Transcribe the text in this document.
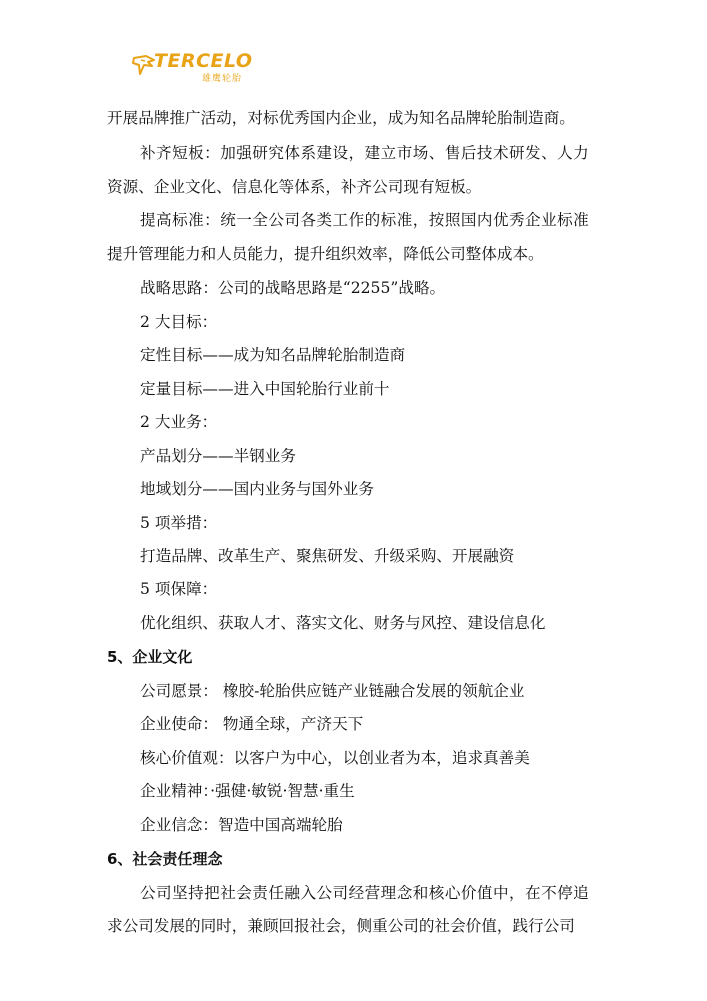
TERCELO
雄鹰轮胎
开展品牌推广活动，对标优秀国内企业，成为知名品牌轮胎制造商。
补齐短板：加强研究体系建设，建立市场、售后技术研发、人力
资源、企业文化、信息化等体系，补齐公司现有短板。
提高标准：统一全公司各类工作的标准，按照国内优秀企业标准
提升管理能力和人员能力，提升组织效率，降低公司整体成本。
战略思路：公司的战略思路是“2255”战略。
2 大目标：
定性目标——成为知名品牌轮胎制造商
定量目标——进入中国轮胎行业前十
2 大业务：
产品划分——半钢业务
地域划分——国内业务与国外业务
5 项举措：
打造品牌、改革生产、聚焦研发、升级采购、开展融资
5 项保障：
优化组织、获取人才、落实文化、财务与风控、建设信息化
5、企业文化
公司愿景： 橡胶-轮胎供应链产业链融合发展的领航企业
企业使命： 物通全球，产济天下
核心价值观：以客户为中心，以创业者为本，追求真善美
企业精神：·强健·敏锐·智慧·重生
企业信念：智造中国高端轮胎
6、社会责任理念
公司坚持把社会责任融入公司经营理念和核心价值中，在不停追
求公司发展的同时，兼顾回报社会，侧重公司的社会价值，践行公司
